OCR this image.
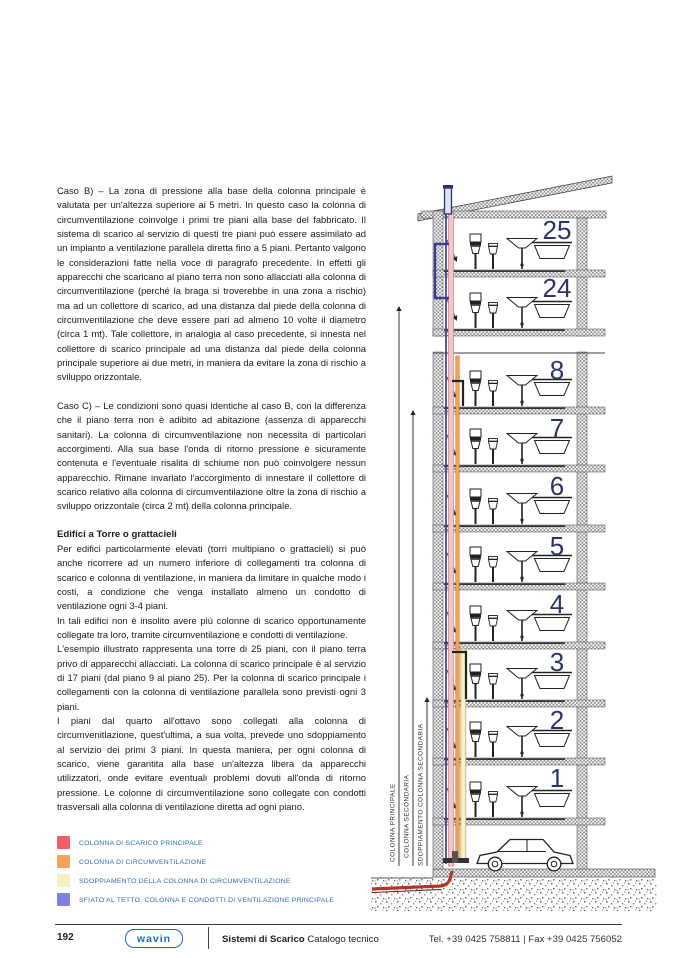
Caso B) – La zona di pressione alla base della colonna principale è valutata per un'altezza superiore ai 5 metri. In questo caso la colonna di circumventilazione coinvolge i primi tre piani alla base del fabbricato. Il sistema di scarico al servizio di questi tre piani può essere assimilato ad un impianto a ventilazione parallela diretta fino a 5 piani. Pertanto valgono le considerazioni fatte nella voce di paragrafo precedente. In effetti gli apparecchi che scaricano al piano terra non sono allacciati alla colonna di circumventilazione (perché la braga si troverebbe in una zona a rischio) ma ad un collettore di scarico, ad una distanza dal piede della colonna di circumventilazione che deve essere pari ad almeno 10 volte il diametro (circa 1 mt). Tale collettore, in analogia al caso precedente, si innesta nel collettore di scarico principale ad una distanza dal piede della colonna principale superiore ai due metri, in maniera da evitare la zona di rischio a sviluppo orizzontale.

Caso C) – Le condizioni sono quasi identiche al caso B, con la differenza che il piano terra non è adibito ad abitazione (assenza di apparecchi sanitari). La colonna di circumventilazione non necessita di particolari accorgimenti. Alla sua base l'onda di ritorno pressione è sicuramente contenuta e l'eventuale risalita di schiume non può coinvolgere nessun apparecchio. Rimane invariato l'accorgimento di innestare il collettore di scarico relativo alla colonna di circumventilazione oltre la zona di rischio a sviluppo orizzontale (circa 2 mt) della colonna principale.

Edifici a Torre o grattacieli

Per edifici particolarmente elevati (torri multipiano o grattacieli) si può anche ricorrere ad un numero inferiore di collegamenti tra colonna di scarico e colonna di ventilazione, in maniera da limitare in qualche modo i costi, a condizione che venga installato almeno un condotto di ventilazione ogni 3-4 piani.

In tali edifici non è insolito avere più colonne di scarico opportunamente collegate tra loro, tramite circumventilazione e condotti di ventilazione.

L'esempio illustrato rappresenta una torre di 25 piani, con il piano terra privo di apparecchi allacciati. La colonna di scarico principale è al servizio di 17 piani (dal piano 9 al piano 25). Per la colonna di scarico principale i collegamenti con la colonna di ventilazione parallela sono previsti ogni 3 piani.

I piani dal quarto all'ottavo sono collegati alla colonna di circumvenitlazione, quest'ultima, a sua volta, prevede uno sdoppiamento al servizio dei primi 3 piani. In questa maniera, per ogni colonna di scarico, viene garantita alla base un'altezza libera da apparecchi utilizzatori, onde evitare eventuali problemi dovuti all'onda di ritorno pressione. Le colonne di circumventilazione sono collegate con condotti trasversali alla colonna di ventilazione diretta ad ogni piano.

COLONNA DI SCARICO PRINCIPALE
COLONNA DI CIRCUMVENTILAZIONE
SDOPPIAMENTO DELLA COLONNA DI CIRCUMVENTILAZIONE
SFIATO AL TETTO, COLONNA E CONDOTTI DI VENTILAZIONE PRINCIPALE
25
24
8
7
6
5
4
3
2
1
COLONNA PRINCIPALE COLONNA SECONDARIA SDOPPIAMENTO COLONNA SECONDARIA
192	wavin	Sistemi di Scarico Catalogo tecnico	Tel. +39 0425 758811 | Fax +39 0425 756052
